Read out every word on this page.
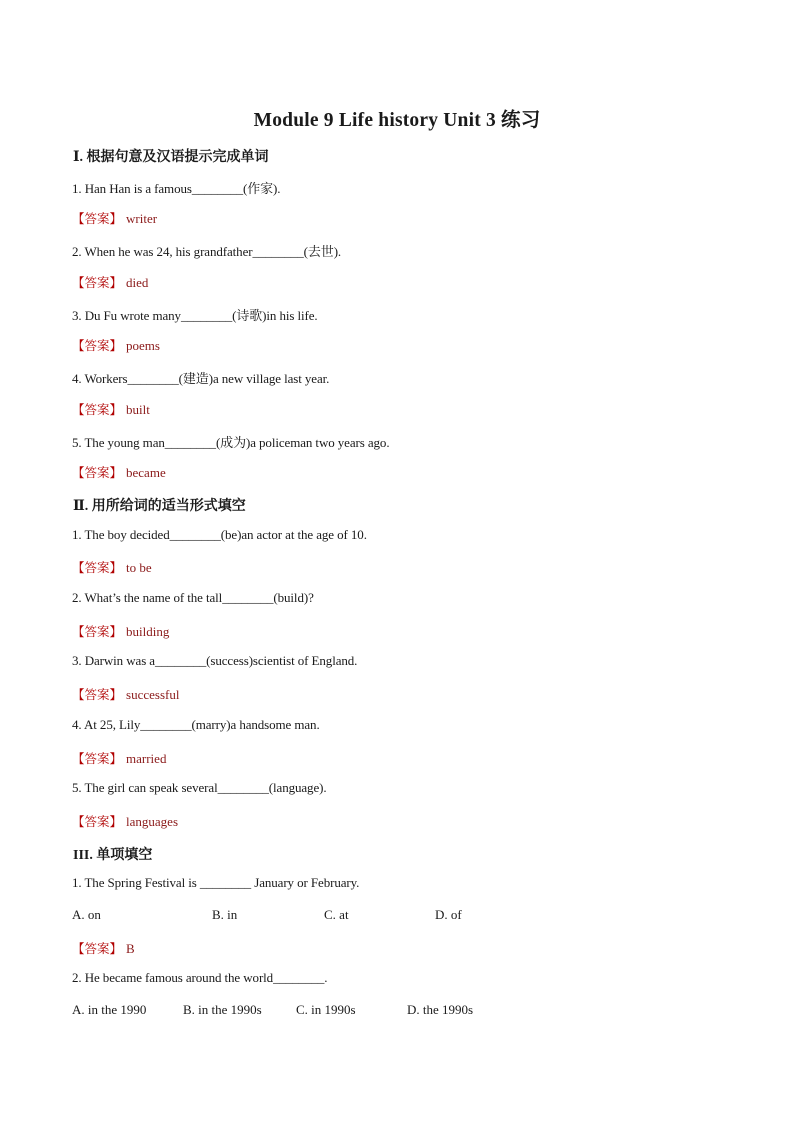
Module 9 Life history Unit 3 练习
Ⅰ. 根据句意及汉语提示完成单词
1. Han Han is a famous________(作家).
【答案】 writer
2. When he was 24, his grandfather________(去世).
【答案】 died
3. Du Fu wrote many________(诗歌)in his life.
【答案】 poems
4. Workers________(建造)a new village last year.
【答案】 built
5. The young man________(成为)a policeman two years ago.
【答案】 became
Ⅱ. 用所给词的适当形式填空
1. The boy decided________(be)an actor at the age of 10.
【答案】 to be
2. What’s the name of the tall________(build)?
【答案】 building
3. Darwin was a________(success)scientist of England.
【答案】 successful
4. At 25, Lily________(marry)a handsome man.
【答案】 married
5. The girl can speak several________(language).
【答案】 languages
III. 单项填空
1. The Spring Festival is ________ January or February.
A. on	B. in	C. at	D. of
【答案】 B
2. He became famous around the world________.
A. in the 1990	B. in the 1990s	C. in 1990s	D. the 1990s
